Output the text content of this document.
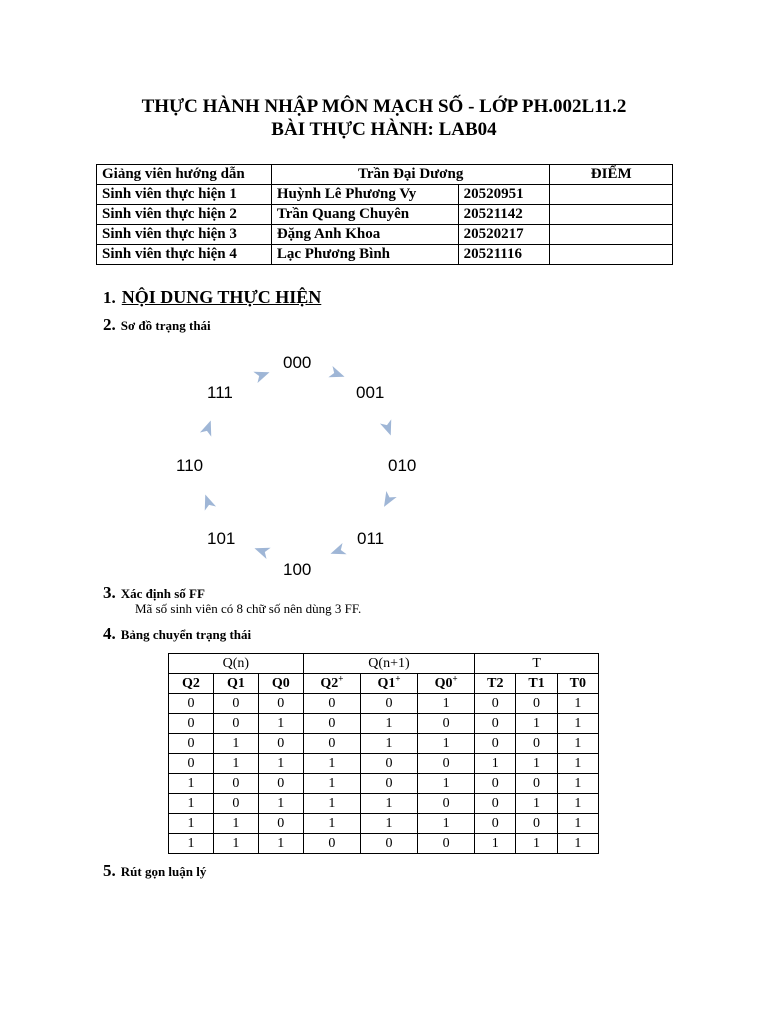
THỰC HÀNH NHẬP MÔN MẠCH SỐ - LỚP PH.002L11.2
BÀI THỰC HÀNH: LAB04
Giảng viên hướng dẫn	Trần Đại Dương		ĐIỂM
Sinh viên thực hiện 1	Huỳnh Lê Phương Vy	20520951	
Sinh viên thực hiện 2	Trần Quang Chuyên	20521142	
Sinh viên thực hiện 3	Đặng Anh Khoa	20520217	
Sinh viên thực hiện 4	Lạc Phương Bình	20521116	
1. NỘI DUNG THỰC HIỆN
2. Sơ đồ trạng thái
000
001
010
011
100
101
110
111
3. Xác định số FF
Mã số sinh viên có 8 chữ số nên dùng 3 FF.
4. Bảng chuyển trạng thái
Q(n)			Q(n+1)			T		
Q2	Q1	Q0	Q2+	Q1+	Q0+	T2	T1	T0
0	0	0	0	0	1	0	0	1
0	0	1	0	1	0	0	1	1
0	1	0	0	1	1	0	0	1
0	1	1	1	0	0	1	1	1
1	0	0	1	0	1	0	0	1
1	0	1	1	1	0	0	1	1
1	1	0	1	1	1	0	0	1
1	1	1	0	0	0	1	1	1
5. Rút gọn luận lý
